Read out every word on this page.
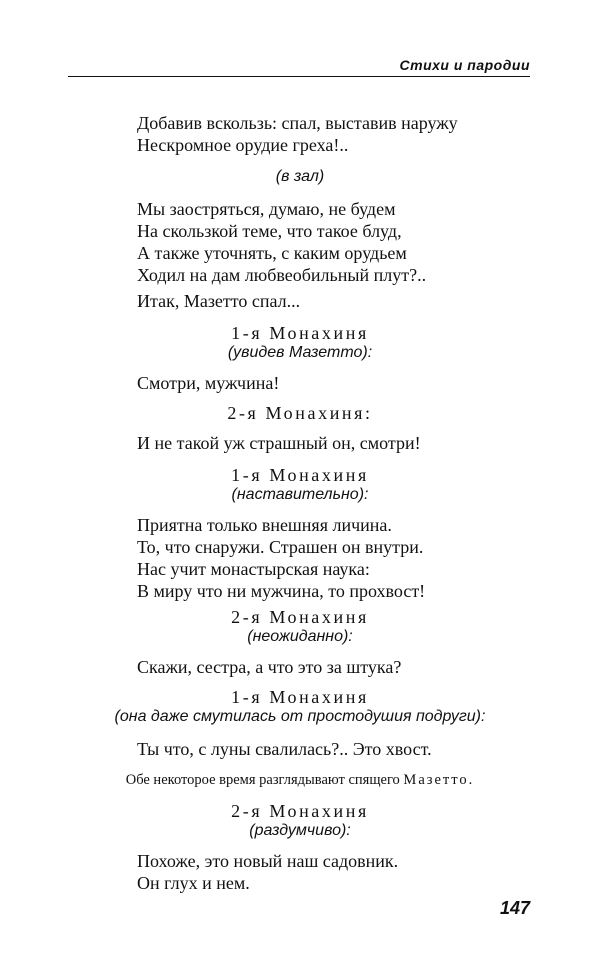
Стихи и пародии
Добавив вскользь: спал, выставив наружу
Нескромное орудие греха!..
(в зал)
Мы заостряться, думаю, не будем
На скользкой теме, что такое блуд,
А также уточнять, с каким орудьем
Ходил на дам любвеобильный плут?..
Итак, Мазетто спал...
1-я Монахиня
(увидев Мазетто):
Смотри, мужчина!
2-я Монахиня:
И не такой уж страшный он, смотри!
1-я Монахиня
(наставительно):
Приятна только внешняя личина.
То, что снаружи. Страшен он внутри.
Нас учит монастырская наука:
В миру что ни мужчина, то прохвост!
2-я Монахиня
(неожиданно):
Скажи, сестра, а что это за штука?
1-я Монахиня
(она даже смутилась от простодушия подруги):
Ты что, с луны свалилась?.. Это хвост.
Обе некоторое время разглядывают спящего Мазетто.
2-я Монахиня
(раздумчиво):
Похоже, это новый наш садовник.
Он глух и нем.
147
